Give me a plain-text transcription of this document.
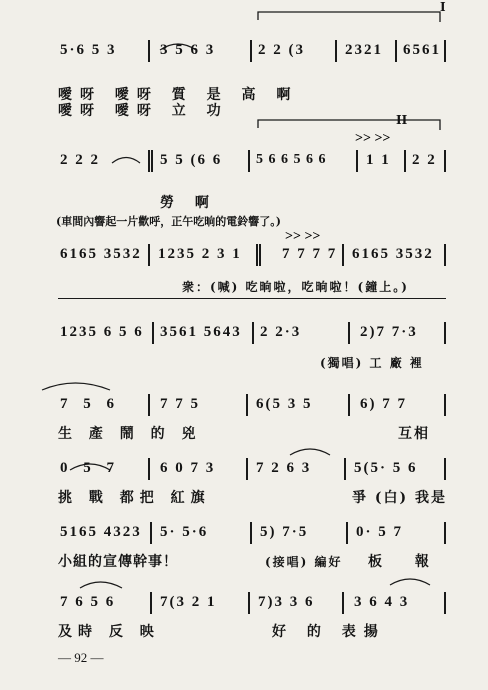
>> >>
>> >>
I
II
5·6 5 3	3 5 6 3	2 2 (3	2321 6561
噯呀 噯呀 質 是 高 啊
噯呀 噯呀 立 功
2 2 2	5 5 (6 6 5 6 6 5 6 6	1 1 2 2
勞 啊
(車間內響起一片歡呼，正午吃晌的電鈴響了。)
6165 3532 1235 2 3 1	7 7 7 7 6165 3532
衆：(喊) 吃晌啦，吃晌啦！(鐘上。)
1235 6 5 6 3561 5643 2 2·3	2)7 7·3
(獨唱) 工 廠 裡
7 5 6	7 7 5	6(5 3 5	6) 7 7
生 產 鬧 的 兇	互相
0 5 7	6 0 7 3	7 2 6 3	5(5· 5 6
挑 戰 都把 紅旗	爭 (白) 我是
5165 4323 5· 5·6	5) 7·5	0· 5 7
小組的宣傳幹事！	(接唱) 編好 板 報
7 6 5 6	7(3 2 1	7)3 3 6	3 6 4 3
及時 反 映	好 的 表揚
— 92 —
